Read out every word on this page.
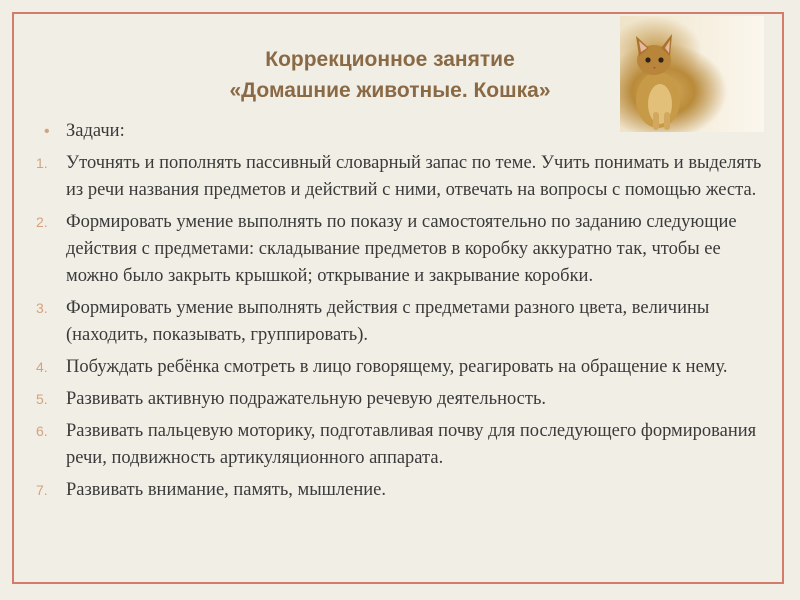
Коррекционное занятие
«Домашние животные. Кошка»
• Задачи:
1. Уточнять и пополнять пассивный словарный запас по теме. Учить понимать и выделять из речи названия предметов и действий с ними, отвечать на вопросы с помощью жеста.
2. Формировать умение выполнять по показу и самостоятельно по заданию следующие действия с предметами: складывание предметов в коробку аккуратно так, чтобы ее можно было закрыть крышкой; открывание и закрывание коробки.
3. Формировать умение выполнять действия с предметами разного цвета, величины (находить, показывать, группировать).
4. Побуждать ребёнка смотреть в лицо говорящему, реагировать на обращение к нему.
5. Развивать активную подражательную речевую деятельность.
6. Развивать пальцевую моторику, подготавливая почву для последующего формирования речи, подвижность артикуляционного аппарата.
7. Развивать внимание, память, мышление.
